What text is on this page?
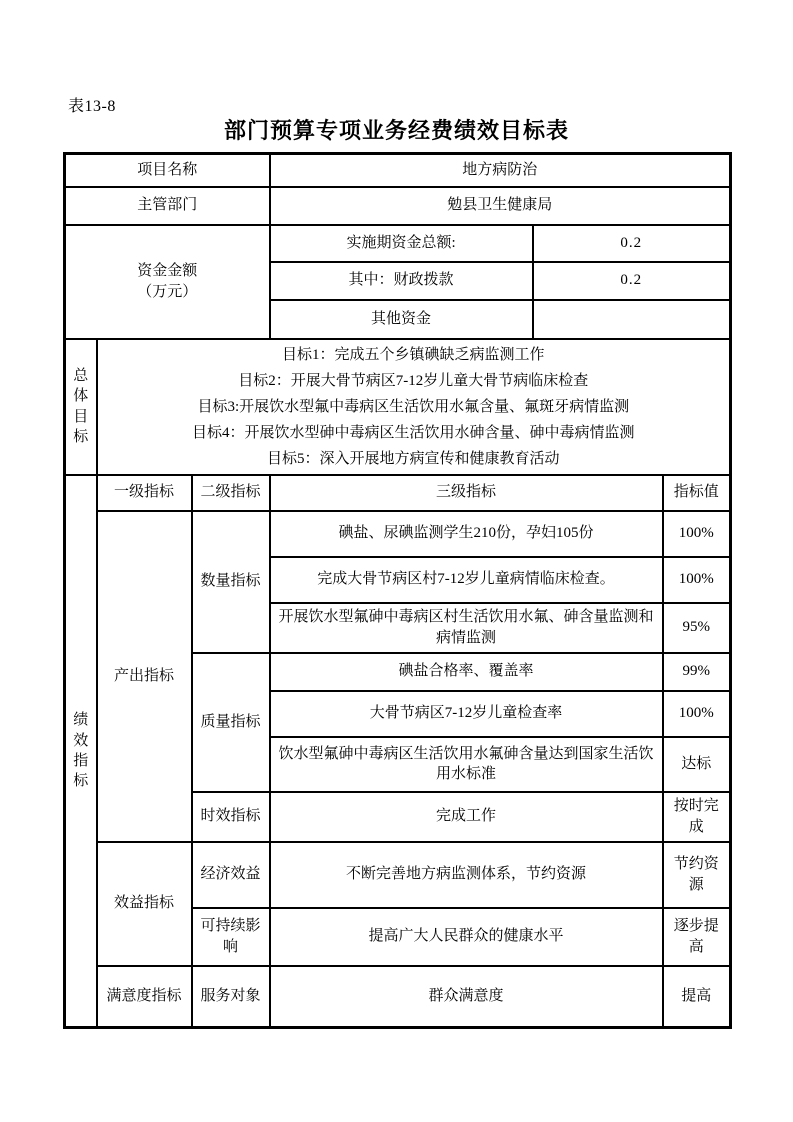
表13-8
部门预算专项业务经费绩效目标表
项目名称			地方病防治		
主管部门			勉县卫生健康局		

资金金额
（万元）			实施期资金总额:	0.2	
			其中：财政拨款	0.2	
			其他资金		
总体目标	目标1：完成五个乡镇碘缺乏病监测工作
目标2：开展大骨节病区7-12岁儿童大骨节病临床检查
目标3:开展饮水型氟中毒病区生活饮用水氟含量、氟斑牙病情监测
目标4：开展饮水型砷中毒病区生活饮用水砷含量、砷中毒病情监测
目标5：深入开展地方病宣传和健康教育活动				

绩效指标	一级指标	二级指标	三级指标		指标值
	产出指标	数量指标	碘盐、尿碘监测学生210份，孕妇105份		100%
			完成大骨节病区村7-12岁儿童病情临床检查。		100%
			开展饮水型氟砷中毒病区村生活饮用水氟、砷含量监测和病情监测		95%
		质量指标	碘盐合格率、覆盖率		99%
			大骨节病区7-12岁儿童检查率		100%
			饮水型氟砷中毒病区生活饮用水氟砷含量达到国家生活饮用水标准		达标
		时效指标	完成工作		按时完成
	效益指标	经济效益	不断完善地方病监测体系，节约资源		节约资源
		可持续影响	提高广大人民群众的健康水平		逐步提高
	满意度指标	服务对象	群众满意度		提高
